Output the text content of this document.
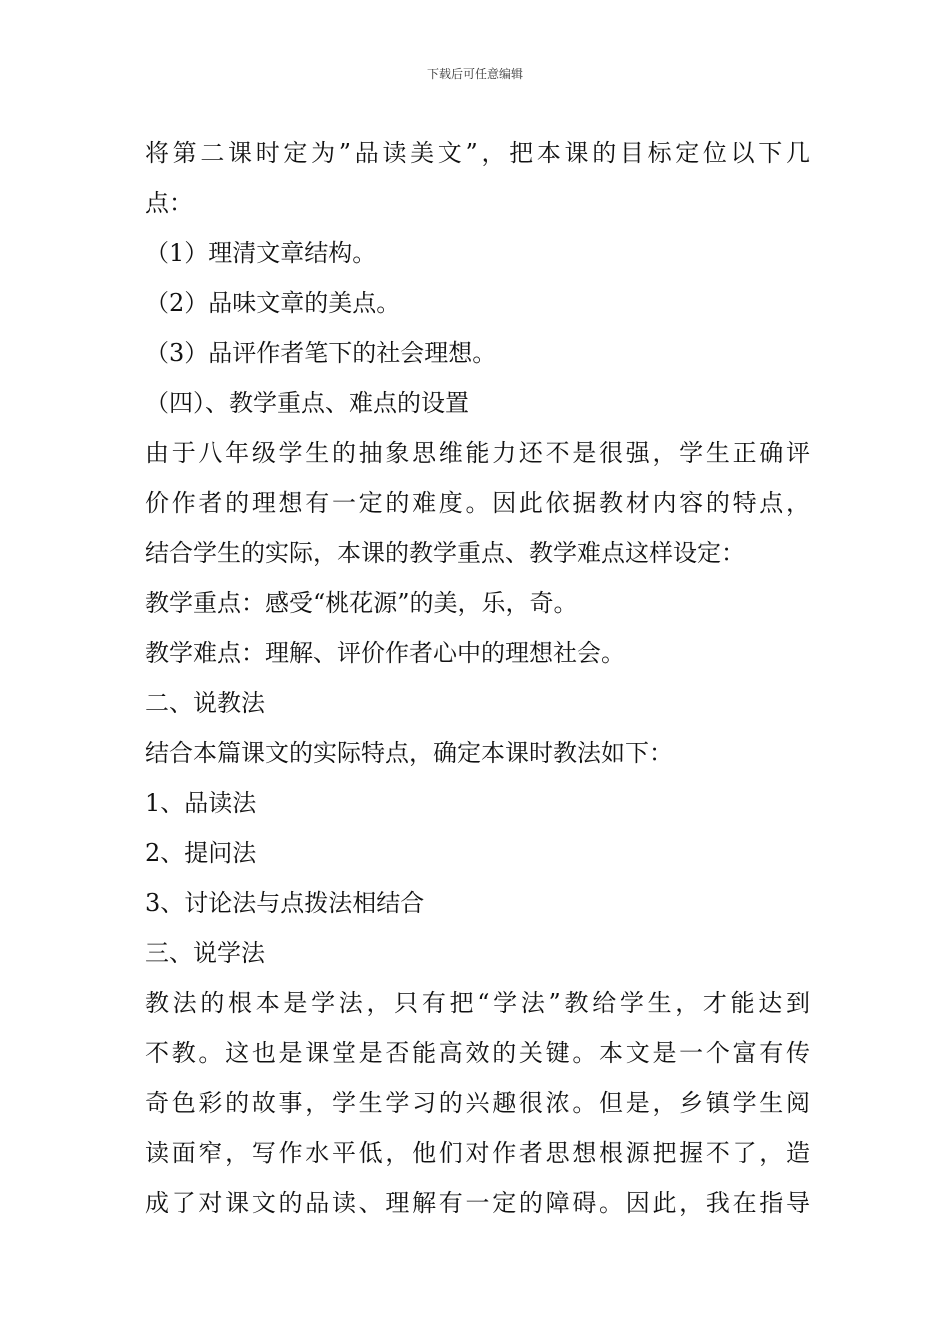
下载后可任意编辑
将第二课时定为”品读美文”，把本课的目标定位以下几
点：
（1）理清文章结构。
（2）品味文章的美点。
（3）品评作者笔下的社会理想。
（四）、教学重点、难点的设置
由于八年级学生的抽象思维能力还不是很强，学生正确评
价作者的理想有一定的难度。因此依据教材内容的特点，
结合学生的实际，本课的教学重点、教学难点这样设定：
教学重点：感受“桃花源”的美，乐，奇。
教学难点：理解、评价作者心中的理想社会。
二、说教法
结合本篇课文的实际特点，确定本课时教法如下：
1、品读法
2、提问法
3、讨论法与点拨法相结合
三、说学法
教法的根本是学法，只有把“学法”教给学生，才能达到
不教。这也是课堂是否能高效的关键。本文是一个富有传
奇色彩的故事，学生学习的兴趣很浓。但是，乡镇学生阅
读面窄，写作水平低，他们对作者思想根源把握不了，造
成了对课文的品读、理解有一定的障碍。因此，我在指导
